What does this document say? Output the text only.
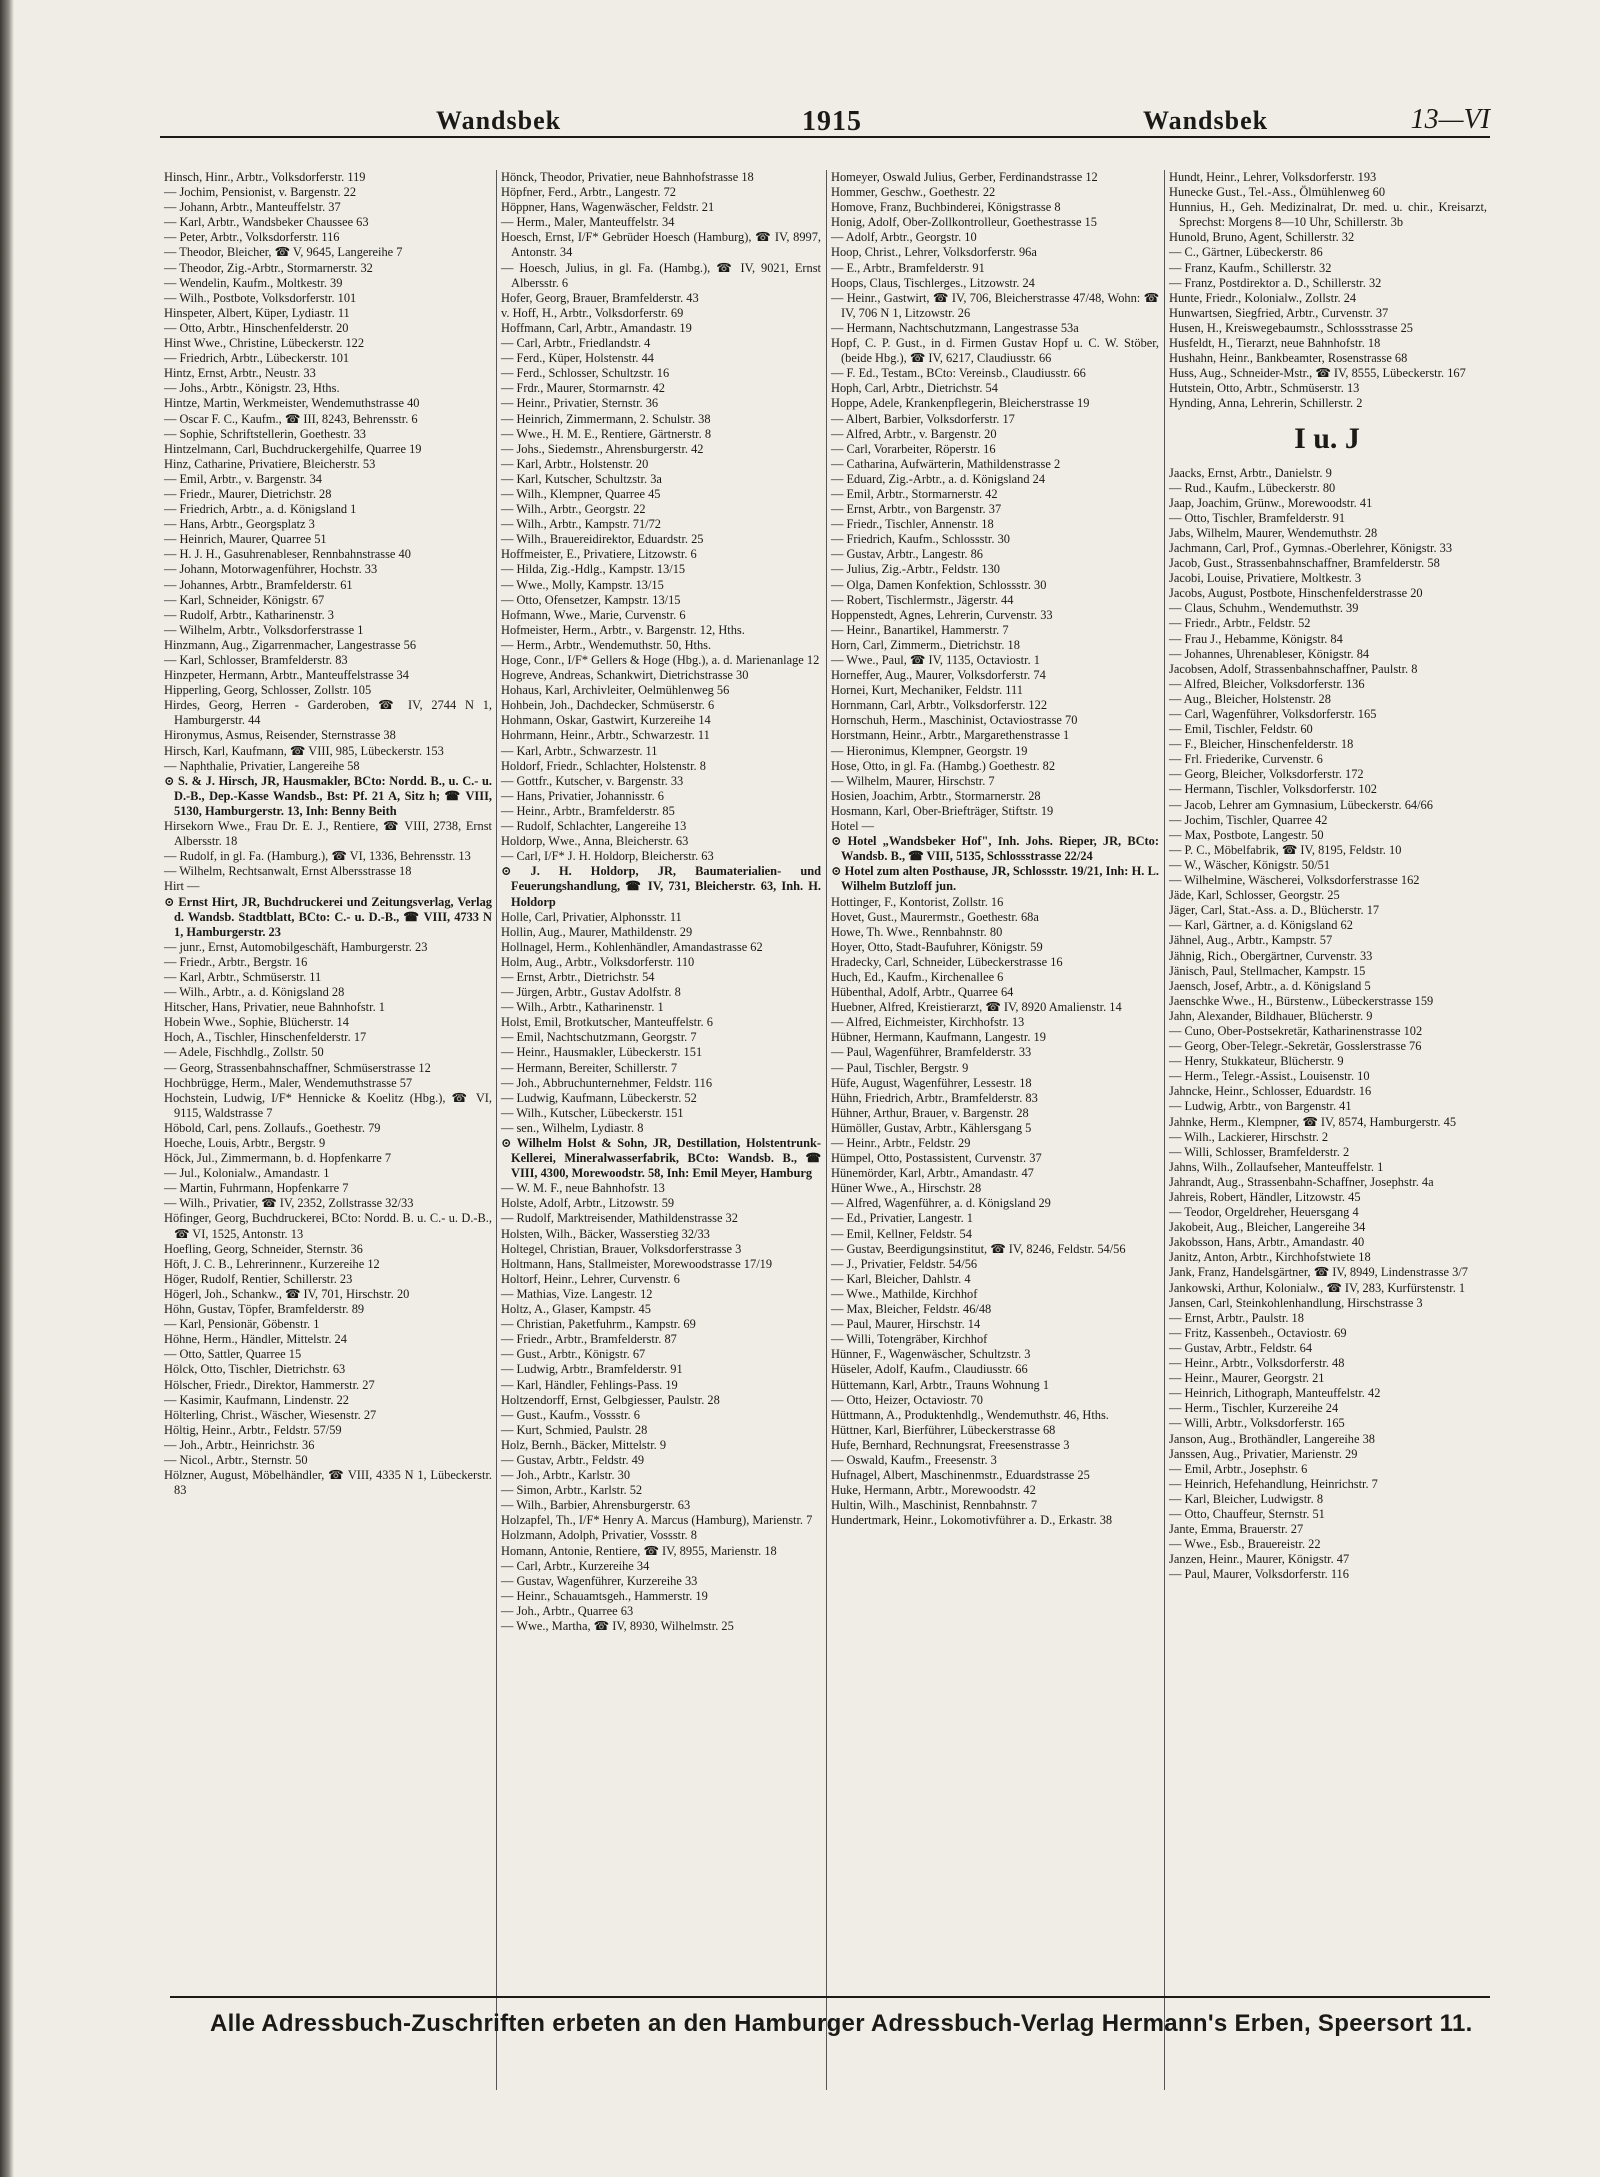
Wandsbek	1915	Wandsbek	13—VI
Hinsch, Hinr., Arbtr., Volksdorferstr. 119
— Jochim, Pensionist, v. Bargenstr. 22
— Johann, Arbtr., Manteuffelstr. 37
— Karl, Arbtr., Wandsbeker Chaussee 63
— Peter, Arbtr., Volksdorferstr. 116
— Theodor, Bleicher, ☎ V, 9645, Langereihe 7
— Theodor, Zig.-Arbtr., Stormarnerstr. 32
— Wendelin, Kaufm., Moltkestr. 39
— Wilh., Postbote, Volksdorferstr. 101
Hinspeter, Albert, Küper, Lydiastr. 11
— Otto, Arbtr., Hinschenfelderstr. 20
Hinst Wwe., Christine, Lübeckerstr. 122
— Friedrich, Arbtr., Lübeckerstr. 101
Hintz, Ernst, Arbtr., Neustr. 33
— Johs., Arbtr., Königstr. 23, Hths.
Hintze, Martin, Werkmeister, Wendemuthstrasse 40
— Oscar F. C., Kaufm., ☎ III, 8243, Behrensstr. 6
— Sophie, Schriftstellerin, Goethestr. 33
Hintzelmann, Carl, Buchdruckergehilfe, Quarree 19
Hinz, Catharine, Privatiere, Bleicherstr. 53
— Emil, Arbtr., v. Bargenstr. 34
— Friedr., Maurer, Dietrichstr. 28
— Friedrich, Arbtr., a. d. Königsland 1
— Hans, Arbtr., Georgsplatz 3
— Heinrich, Maurer, Quarree 51
— H. J. H., Gasuhrenableser, Rennbahnstrasse 40
— Johann, Motorwagenführer, Hochstr. 33
— Johannes, Arbtr., Bramfelderstr. 61
— Karl, Schneider, Königstr. 67
— Rudolf, Arbtr., Katharinenstr. 3
— Wilhelm, Arbtr., Volksdorferstrasse 1
Hinzmann, Aug., Zigarrenmacher, Langestrasse 56
— Karl, Schlosser, Bramfelderstr. 83
Hinzpeter, Hermann, Arbtr., Manteuffelstrasse 34
Hipperling, Georg, Schlosser, Zollstr. 105
Hirdes, Georg, Herren - Garderoben, ☎ IV, 2744 N 1, Hamburgerstr. 44
Hironymus, Asmus, Reisender, Sternstrasse 38
Hirsch, Karl, Kaufmann, ☎ VIII, 985, Lübeckerstr. 153
— Naphthalie, Privatier, Langereihe 58
⊙ S. & J. Hirsch, JR, Hausmakler, BCto: Nordd. B., u. C.- u. D.-B., Dep.-Kasse Wandsb., Bst: Pf. 21 A, Sitz h; ☎ VIII, 5130, Hamburgerstr. 13, Inh: Benny Beith
Hirsekorn Wwe., Frau Dr. E. J., Rentiere, ☎ VIII, 2738, Ernst Albersstr. 18
— Rudolf, in gl. Fa. (Hamburg.), ☎ VI, 1336, Behrensstr. 13
— Wilhelm, Rechtsanwalt, Ernst Albersstrasse 18
Hirt —
⊙ Ernst Hirt, JR, Buchdruckerei und Zeitungsverlag, Verlag d. Wandsb. Stadtblatt, BCto: C.- u. D.-B., ☎ VIII, 4733 N 1, Hamburgerstr. 23
— junr., Ernst, Automobilgeschäft, Hamburgerstr. 23
— Friedr., Arbtr., Bergstr. 16
— Karl, Arbtr., Schmüserstr. 11
— Wilh., Arbtr., a. d. Königsland 28
Hitscher, Hans, Privatier, neue Bahnhofstr. 1
Hobein Wwe., Sophie, Blücherstr. 14
Hoch, A., Tischler, Hinschenfelderstr. 17
— Adele, Fischhdlg., Zollstr. 50
— Georg, Strassenbahnschaffner, Schmüserstrasse 12
Hochbrügge, Herm., Maler, Wendemuthstrasse 57
Hochstein, Ludwig, I/F* Hennicke & Koelitz (Hbg.), ☎ VI, 9115, Waldstrasse 7
Höbold, Carl, pens. Zollaufs., Goethestr. 79
Hoeche, Louis, Arbtr., Bergstr. 9
Höck, Jul., Zimmermann, b. d. Hopfenkarre 7
— Jul., Kolonialw., Amandastr. 1
— Martin, Fuhrmann, Hopfenkarre 7
— Wilh., Privatier, ☎ IV, 2352, Zollstrasse 32/33
Höfinger, Georg, Buchdruckerei, BCto: Nordd. B. u. C.- u. D.-B., ☎ VI, 1525, Antonstr. 13
Hoefling, Georg, Schneider, Sternstr. 36
Höft, J. C. B., Lehrerinnenr., Kurzereihe 12
Höger, Rudolf, Rentier, Schillerstr. 23
Högerl, Joh., Schankw., ☎ IV, 701, Hirschstr. 20
Höhn, Gustav, Töpfer, Bramfelderstr. 89
— Karl, Pensionär, Göbenstr. 1
Höhne, Herm., Händler, Mittelstr. 24
— Otto, Sattler, Quarree 15
Hölck, Otto, Tischler, Dietrichstr. 63
Hölscher, Friedr., Direktor, Hammerstr. 27
— Kasimir, Kaufmann, Lindenstr. 22
Hölterling, Christ., Wäscher, Wiesenstr. 27
Höltig, Heinr., Arbtr., Feldstr. 57/59
— Joh., Arbtr., Heinrichstr. 36
— Nicol., Arbtr., Sternstr. 50
Hölzner, August, Möbelhändler, ☎ VIII, 4335 N 1, Lübeckerstr. 83
Hönck, Theodor, Privatier, neue Bahnhofstrasse 18
Höpfner, Ferd., Arbtr., Langestr. 72
Höppner, Hans, Wagenwäscher, Feldstr. 21
— Herm., Maler, Manteuffelstr. 34
Hoesch, Ernst, I/F* Gebrüder Hoesch (Hamburg), ☎ IV, 8997, Antonstr. 34
— Hoesch, Julius, in gl. Fa. (Hambg.), ☎ IV, 9021, Ernst Albersstr. 6
Hofer, Georg, Brauer, Bramfelderstr. 43
v. Hoff, H., Arbtr., Volksdorferstr. 69
Hoffmann, Carl, Arbtr., Amandastr. 19
— Carl, Arbtr., Friedlandstr. 4
— Ferd., Küper, Holstenstr. 44
— Ferd., Schlosser, Schultzstr. 16
— Frdr., Maurer, Stormarnstr. 42
— Heinr., Privatier, Sternstr. 36
— Heinrich, Zimmermann, 2. Schulstr. 38
— Wwe., H. M. E., Rentiere, Gärtnerstr. 8
— Johs., Siedemstr., Ahrensburgerstr. 42
— Karl, Arbtr., Holstenstr. 20
— Karl, Kutscher, Schultzstr. 3a
— Wilh., Klempner, Quarree 45
— Wilh., Arbtr., Georgstr. 22
— Wilh., Arbtr., Kampstr. 71/72
— Wilh., Brauereidirektor, Eduardstr. 25
Hoffmeister, E., Privatiere, Litzowstr. 6
— Hilda, Zig.-Hdlg., Kampstr. 13/15
— Wwe., Molly, Kampstr. 13/15
— Otto, Ofensetzer, Kampstr. 13/15
Hofmann, Wwe., Marie, Curvenstr. 6
Hofmeister, Herm., Arbtr., v. Bargenstr. 12, Hths.
— Herm., Arbtr., Wendemuthstr. 50, Hths.
Hoge, Conr., I/F* Gellers & Hoge (Hbg.), a. d. Marienanlage 12
Hogreve, Andreas, Schankwirt, Dietrichstrasse 30
Hohaus, Karl, Archivleiter, Oelmühlenweg 56
Hohbein, Joh., Dachdecker, Schmüserstr. 6
Hohmann, Oskar, Gastwirt, Kurzereihe 14
Hohrmann, Heinr., Arbtr., Schwarzestr. 11
— Karl, Arbtr., Schwarzestr. 11
Holdorf, Friedr., Schlachter, Holstenstr. 8
— Gottfr., Kutscher, v. Bargenstr. 33
— Hans, Privatier, Johannisstr. 6
— Heinr., Arbtr., Bramfelderstr. 85
— Rudolf, Schlachter, Langereihe 13
Holdorp, Wwe., Anna, Bleicherstr. 63
— Carl, I/F* J. H. Holdorp, Bleicherstr. 63
⊙ J. H. Holdorp, JR, Baumaterialien- und Feuerungshandlung, ☎ IV, 731, Bleicherstr. 63, Inh. H. Holdorp
Holle, Carl, Privatier, Alphonsstr. 11
Hollin, Aug., Maurer, Mathildenstr. 29
Hollnagel, Herm., Kohlenhändler, Amandastrasse 62
Holm, Aug., Arbtr., Volksdorferstr. 110
— Ernst, Arbtr., Dietrichstr. 54
— Jürgen, Arbtr., Gustav Adolfstr. 8
— Wilh., Arbtr., Katharinenstr. 1
Holst, Emil, Brotkutscher, Manteuffelstr. 6
— Emil, Nachtschutzmann, Georgstr. 7
— Heinr., Hausmakler, Lübeckerstr. 151
— Hermann, Bereiter, Schillerstr. 7
— Joh., Abbruchunternehmer, Feldstr. 116
— Ludwig, Kaufmann, Lübeckerstr. 52
— Wilh., Kutscher, Lübeckerstr. 151
— sen., Wilhelm, Lydiastr. 8
⊙ Wilhelm Holst & Sohn, JR, Destillation, Holstentrunk-Kellerei, Mineralwasserfabrik, BCto: Wandsb. B., ☎ VIII, 4300, Morewoodstr. 58, Inh: Emil Meyer, Hamburg
— W. M. F., neue Bahnhofstr. 13
Holste, Adolf, Arbtr., Litzowstr. 59
— Rudolf, Marktreisender, Mathildenstrasse 32
Holsten, Wilh., Bäcker, Wasserstieg 32/33
Holtegel, Christian, Brauer, Volksdorferstrasse 3
Holtmann, Hans, Stallmeister, Morewoodstrasse 17/19
Holtorf, Heinr., Lehrer, Curvenstr. 6
— Mathias, Vize. Langestr. 12
Holtz, A., Glaser, Kampstr. 45
— Christian, Paketfuhrm., Kampstr. 69
— Friedr., Arbtr., Bramfelderstr. 87
— Gust., Arbtr., Königstr. 67
— Ludwig, Arbtr., Bramfelderstr. 91
— Karl, Händler, Fehlings-Pass. 19
Holtzendorff, Ernst, Gelbgiesser, Paulstr. 28
— Gust., Kaufm., Vossstr. 6
— Kurt, Schmied, Paulstr. 28
Holz, Bernh., Bäcker, Mittelstr. 9
— Gustav, Arbtr., Feldstr. 49
— Joh., Arbtr., Karlstr. 30
— Simon, Arbtr., Karlstr. 52
— Wilh., Barbier, Ahrensburgerstr. 63
Holzapfel, Th., I/F* Henry A. Marcus (Hamburg), Marienstr. 7
Holzmann, Adolph, Privatier, Vossstr. 8
Homann, Antonie, Rentiere, ☎ IV, 8955, Marienstr. 18
— Carl, Arbtr., Kurzereihe 34
— Gustav, Wagenführer, Kurzereihe 33
— Heinr., Schauamtsgeh., Hammerstr. 19
— Joh., Arbtr., Quarree 63
— Wwe., Martha, ☎ IV, 8930, Wilhelmstr. 25
Homeyer, Oswald Julius, Gerber, Ferdinandstrasse 12
Hommer, Geschw., Goethestr. 22
Homove, Franz, Buchbinderei, Königstrasse 8
Honig, Adolf, Ober-Zollkontrolleur, Goethestrasse 15
— Adolf, Arbtr., Georgstr. 10
Hoop, Christ., Lehrer, Volksdorferstr. 96a
— E., Arbtr., Bramfelderstr. 91
Hoops, Claus, Tischlerges., Litzowstr. 24
— Heinr., Gastwirt, ☎ IV, 706, Bleicherstrasse 47/48, Wohn: ☎ IV, 706 N 1, Litzowstr. 26
— Hermann, Nachtschutzmann, Langestrasse 53a
Hopf, C. P. Gust., in d. Firmen Gustav Hopf u. C. W. Stöber, (beide Hbg.), ☎ IV, 6217, Claudiusstr. 66
— F. Ed., Testam., BCto: Vereinsb., Claudiusstr. 66
Hoph, Carl, Arbtr., Dietrichstr. 54
Hoppe, Adele, Krankenpflegerin, Bleicherstrasse 19
— Albert, Barbier, Volksdorferstr. 17
— Alfred, Arbtr., v. Bargenstr. 20
— Carl, Vorarbeiter, Röperstr. 16
— Catharina, Aufwärterin, Mathildenstrasse 2
— Eduard, Zig.-Arbtr., a. d. Königsland 24
— Emil, Arbtr., Stormarnerstr. 42
— Ernst, Arbtr., von Bargenstr. 37
— Friedr., Tischler, Annenstr. 18
— Friedrich, Kaufm., Schlossstr. 30
— Gustav, Arbtr., Langestr. 86
— Julius, Zig.-Arbtr., Feldstr. 130
— Olga, Damen Konfektion, Schlossstr. 30
— Robert, Tischlermstr., Jägerstr. 44
Hoppenstedt, Agnes, Lehrerin, Curvenstr. 33
— Heinr., Banartikel, Hammerstr. 7
Horn, Carl, Zimmerm., Dietrichstr. 18
— Wwe., Paul, ☎ IV, 1135, Octaviostr. 1
Horneffer, Aug., Maurer, Volksdorferstr. 74
Hornei, Kurt, Mechaniker, Feldstr. 111
Hornmann, Carl, Arbtr., Volksdorferstr. 122
Hornschuh, Herm., Maschinist, Octaviostrasse 70
Horstmann, Heinr., Arbtr., Margarethenstrasse 1
— Hieronimus, Klempner, Georgstr. 19
Hose, Otto, in gl. Fa. (Hambg.) Goethestr. 82
— Wilhelm, Maurer, Hirschstr. 7
Hosien, Joachim, Arbtr., Stormarnerstr. 28
Hosmann, Karl, Ober-Briefträger, Stiftstr. 19
Hotel —
⊙ Hotel „Wandsbeker Hof", Inh. Johs. Rieper, JR, BCto: Wandsb. B., ☎ VIII, 5135, Schlossstrasse 22/24
⊙ Hotel zum alten Posthause, JR, Schlossstr. 19/21, Inh: H. L. Wilhelm Butzloff jun.
Hottinger, F., Kontorist, Zollstr. 16
Hovet, Gust., Maurermstr., Goethestr. 68a
Howe, Th. Wwe., Rennbahnstr. 80
Hoyer, Otto, Stadt-Baufuhrer, Königstr. 59
Hradecky, Carl, Schneider, Lübeckerstrasse 16
Huch, Ed., Kaufm., Kirchenallee 6
Hübenthal, Adolf, Arbtr., Quarree 64
Huebner, Alfred, Kreistierarzt, ☎ IV, 8920 Amalienstr. 14
— Alfred, Eichmeister, Kirchhofstr. 13
Hübner, Hermann, Kaufmann, Langestr. 19
— Paul, Wagenführer, Bramfelderstr. 33
— Paul, Tischler, Bergstr. 9
Hüfe, August, Wagenführer, Lessestr. 18
Hühn, Friedrich, Arbtr., Bramfelderstr. 83
Hühner, Arthur, Brauer, v. Bargenstr. 28
Hümöller, Gustav, Arbtr., Kählersgang 5
— Heinr., Arbtr., Feldstr. 29
Hümpel, Otto, Postassistent, Curvenstr. 37
Hünemörder, Karl, Arbtr., Amandastr. 47
Hüner Wwe., A., Hirschstr. 28
— Alfred, Wagenführer, a. d. Königsland 29
— Ed., Privatier, Langestr. 1
— Emil, Kellner, Feldstr. 54
— Gustav, Beerdigungsinstitut, ☎ IV, 8246, Feldstr. 54/56
— J., Privatier, Feldstr. 54/56
— Karl, Bleicher, Dahlstr. 4
— Wwe., Mathilde, Kirchhof
— Max, Bleicher, Feldstr. 46/48
— Paul, Maurer, Hirschstr. 14
— Willi, Totengräber, Kirchhof
Hünner, F., Wagenwäscher, Schultzstr. 3
Hüseler, Adolf, Kaufm., Claudiusstr. 66
Hüttemann, Karl, Arbtr., Trauns Wohnung 1
— Otto, Heizer, Octaviostr. 70
Hüttmann, A., Produktenhdlg., Wendemuthstr. 46, Hths.
Hüttner, Karl, Bierführer, Lübeckerstrasse 68
Hufe, Bernhard, Rechnungsrat, Freesenstrasse 3
— Oswald, Kaufm., Freesenstr. 3
Hufnagel, Albert, Maschinenmstr., Eduardstrasse 25
Huke, Hermann, Arbtr., Morewoodstr. 42
Hultin, Wilh., Maschinist, Rennbahnstr. 7
Hundertmark, Heinr., Lokomotivführer a. D., Erkastr. 38
Hundt, Heinr., Lehrer, Volksdorferstr. 193
Hunecke Gust., Tel.-Ass., Ölmühlenweg 60
Hunnius, H., Geh. Medizinalrat, Dr. med. u. chir., Kreisarzt, Sprechst: Morgens 8—10 Uhr, Schillerstr. 3b
Hunold, Bruno, Agent, Schillerstr. 32
— C., Gärtner, Lübeckerstr. 86
— Franz, Kaufm., Schillerstr. 32
— Franz, Postdirektor a. D., Schillerstr. 32
Hunte, Friedr., Kolonialw., Zollstr. 24
Hunwartsen, Siegfried, Arbtr., Curvenstr. 37
Husen, H., Kreiswegebaumstr., Schlossstrasse 25
Husfeldt, H., Tierarzt, neue Bahnhofstr. 18
Hushahn, Heinr., Bankbeamter, Rosenstrasse 68
Huss, Aug., Schneider-Mstr., ☎ IV, 8555, Lübeckerstr. 167
Hutstein, Otto, Arbtr., Schmüserstr. 13
Hynding, Anna, Lehrerin, Schillerstr. 2
I u. J
Jaacks, Ernst, Arbtr., Danielstr. 9
— Rud., Kaufm., Lübeckerstr. 80
Jaap, Joachim, Grünw., Morewoodstr. 41
— Otto, Tischler, Bramfelderstr. 91
Jabs, Wilhelm, Maurer, Wendemuthstr. 28
Jachmann, Carl, Prof., Gymnas.-Oberlehrer, Königstr. 33
Jacob, Gust., Strassenbahnschaffner, Bramfelderstr. 58
Jacobi, Louise, Privatiere, Moltkestr. 3
Jacobs, August, Postbote, Hinschenfelderstrasse 20
— Claus, Schuhm., Wendemuthstr. 39
— Friedr., Arbtr., Feldstr. 52
— Frau J., Hebamme, Königstr. 84
— Johannes, Uhrenableser, Königstr. 84
Jacobsen, Adolf, Strassenbahnschaffner, Paulstr. 8
— Alfred, Bleicher, Volksdorferstr. 136
— Aug., Bleicher, Holstenstr. 28
— Carl, Wagenführer, Volksdorferstr. 165
— Emil, Tischler, Feldstr. 60
— F., Bleicher, Hinschenfelderstr. 18
— Frl. Friederike, Curvenstr. 6
— Georg, Bleicher, Volksdorferstr. 172
— Hermann, Tischler, Volksdorferstr. 102
— Jacob, Lehrer am Gymnasium, Lübeckerstr. 64/66
— Jochim, Tischler, Quarree 42
— Max, Postbote, Langestr. 50
— P. C., Möbelfabrik, ☎ IV, 8195, Feldstr. 10
— W., Wäscher, Königstr. 50/51
— Wilhelmine, Wäscherei, Volksdorferstrasse 162
Jäde, Karl, Schlosser, Georgstr. 25
Jäger, Carl, Stat.-Ass. a. D., Blücherstr. 17
— Karl, Gärtner, a. d. Königsland 62
Jähnel, Aug., Arbtr., Kampstr. 57
Jähnig, Rich., Obergärtner, Curvenstr. 33
Jänisch, Paul, Stellmacher, Kampstr. 15
Jaensch, Josef, Arbtr., a. d. Königsland 5
Jaenschke Wwe., H., Bürstenw., Lübeckerstrasse 159
Jahn, Alexander, Bildhauer, Blücherstr. 9
— Cuno, Ober-Postsekretär, Katharinenstrasse 102
— Georg, Ober-Telegr.-Sekretär, Gosslerstrasse 76
— Henry, Stukkateur, Blücherstr. 9
— Herm., Telegr.-Assist., Louisenstr. 10
Jahncke, Heinr., Schlosser, Eduardstr. 16
— Ludwig, Arbtr., von Bargenstr. 41
Jahnke, Herm., Klempner, ☎ IV, 8574, Hamburgerstr. 45
— Wilh., Lackierer, Hirschstr. 2
— Willi, Schlosser, Bramfelderstr. 2
Jahns, Wilh., Zollaufseher, Manteuffelstr. 1
Jahrandt, Aug., Strassenbahn-Schaffner, Josephstr. 4a
Jahreis, Robert, Händler, Litzowstr. 45
— Teodor, Orgeldreher, Heuersgang 4
Jakobeit, Aug., Bleicher, Langereihe 34
Jakobsson, Hans, Arbtr., Amandastr. 40
Janitz, Anton, Arbtr., Kirchhofstwiete 18
Jank, Franz, Handelsgärtner, ☎ IV, 8949, Lindenstrasse 3/7
Jankowski, Arthur, Kolonialw., ☎ IV, 283, Kurfürstenstr. 1
Jansen, Carl, Steinkohlenhandlung, Hirschstrasse 3
— Ernst, Arbtr., Paulstr. 18
— Fritz, Kassenbeh., Octaviostr. 69
— Gustav, Arbtr., Feldstr. 64
— Heinr., Arbtr., Volksdorferstr. 48
— Heinr., Maurer, Georgstr. 21
— Heinrich, Lithograph, Manteuffelstr. 42
— Herm., Tischler, Kurzereihe 24
— Willi, Arbtr., Volksdorferstr. 165
Janson, Aug., Brothändler, Langereihe 38
Janssen, Aug., Privatier, Marienstr. 29
— Emil, Arbtr., Josephstr. 6
— Heinrich, Hefehandlung, Heinrichstr. 7
— Karl, Bleicher, Ludwigstr. 8
— Otto, Chauffeur, Sternstr. 51
Jante, Emma, Brauerstr. 27
— Wwe., Esb., Brauereistr. 22
Janzen, Heinr., Maurer, Königstr. 47
— Paul, Maurer, Volksdorferstr. 116
Alle Adressbuch-Zuschriften erbeten an den Hamburger Adressbuch-Verlag Hermann's Erben, Speersort 11.
